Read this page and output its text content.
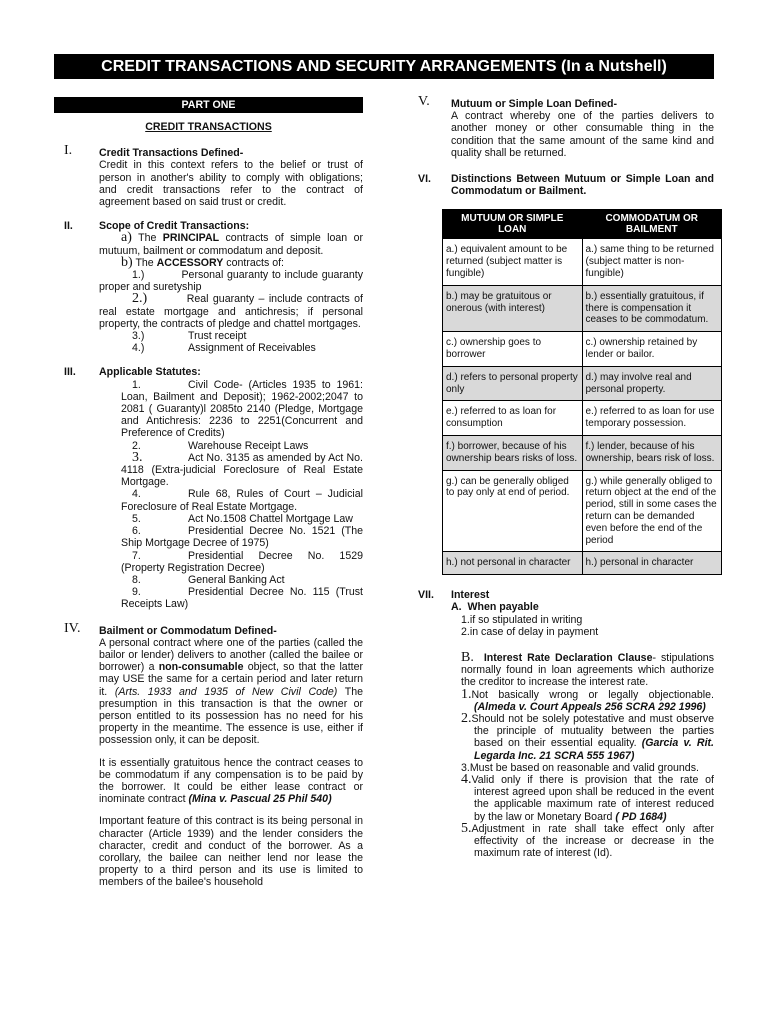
CREDIT TRANSACTIONS AND SECURITY ARRANGEMENTS (In a Nutshell)
PART ONE
CREDIT TRANSACTIONS
I.	Credit Transactions Defined-
Credit in this context refers to the belief or trust of person in another's ability to comply with obligations; and credit transactions refer to the contract of agreement based on said trust or credit.
II. Scope of Credit Transactions:
a) The PRINCIPAL contracts of simple loan or mutuum, bailment or commodatum and deposit.
b) The ACCESSORY contracts of:
1.)	Personal guaranty to include guaranty proper and suretyship
2.)	Real guaranty – include contracts of real estate mortgage and antichresis; if personal property, the contracts of pledge and chattel mortgages.
3.)	Trust receipt
4.)	Assignment of Receivables
III. Applicable Statutes:
1.	Civil Code- (Articles 1935 to 1961: Loan, Bailment and Deposit); 1962-2002;2047 to 2081 ( Guaranty)l 2085to 2140 (Pledge, Mortgage and Antichresis: 2236 to 2251(Concurrent and Preference of Credits)
2.	Warehouse Receipt Laws
3.	Act No. 3135 as amended by Act No. 4118 (Extra-judicial Foreclosure of Real Estate Mortgage.
4.	Rule 68, Rules of Court – Judicial Foreclosure of Real Estate Mortgage.
5.	Act No.1508 Chattel Mortgage Law
6.	Presidential Decree No. 1521 (The Ship Mortgage Decree of 1975)
7.	Presidential Decree No. 1529 (Property Registration Decree)
8.	General Banking Act
9.	Presidential Decree No. 115 (Trust Receipts Law)
IV. Bailment or Commodatum Defined-
A personal contract where one of the parties (called the bailor or lender) delivers to another (called the bailee or borrower) a non-consumable object, so that the latter may USE the same for a certain period and later return it. (Arts. 1933 and 1935 of New Civil Code) The presumption in this transaction is that the owner or person entitled to its possession has no need for his property in the meantime. The essence is use, either if possession only, it can be deposit.
It is essentially gratuitous hence the contract ceases to be commodatum if any compensation is to be paid by the borrower. It could be either lease contract or inominate contract (Mina v. Pascual 25 Phil 540)
Important feature of this contract is its being personal in character (Article 1939) and the lender considers the character, credit and conduct of the borrower. As a corollary, the bailee can neither lend nor lease the property to a third person and its use is limited to members of the bailee's household
V. Mutuum or Simple Loan Defined-
A contract whereby one of the parties delivers to another money or other consumable thing in the condition that the same amount of the same kind and quality shall be returned.
VI. Distinctions Between Mutuum or Simple Loan and Commodatum or Bailment.
MUTUUM OR SIMPLE LOAN	COMMODATUM OR BAILMENT
a.) equivalent amount to be returned (subject matter is fungible)	a.) same thing to be returned (subject matter is non-fungible)
b.) may be gratuitous or onerous (with interest)	b.) essentially gratuitous, if there is compensation it ceases to be commodatum.
c.) ownership goes to borrower	c.) ownership retained by lender or bailor.
d.) refers to personal property only	d.) may involve real and personal property.
e.) referred to as loan for consumption	e.) referred to as loan for use temporary possession.
f.) borrower, because of his ownership bears risks of loss.	f.) lender, because of his ownership, bears risk of loss.
g.) can be generally obliged to pay only at end of period.	g.) while generally obliged to return object at the end of the period, still in some cases the return can be demanded even before the end of the period
h.) not personal in character	h.) personal in character
VII. Interest
A. When payable
1.if so stipulated in writing
2.in case of delay in payment
B. Interest Rate Declaration Clause- stipulations normally found in loan agreements which authorize the creditor to increase the interest rate.
1.Not basically wrong or legally objectionable. (Almeda v. Court Appeals 256 SCRA 292 1996)
2.Should not be solely potestative and must observe the principle of mutuality between the parties based on their essential equality. (Garcia v. Rit. Legarda Inc. 21 SCRA 555 1967)
3.Must be based on reasonable and valid grounds.
4.Valid only if there is provision that the rate of interest agreed upon shall be reduced in the event the applicable maximum rate of interest reduced by the law or Monetary Board ( PD 1684)
5.Adjustment in rate shall take effect only after effectivity of the increase or decrease in the maximum rate of interest (Id).
